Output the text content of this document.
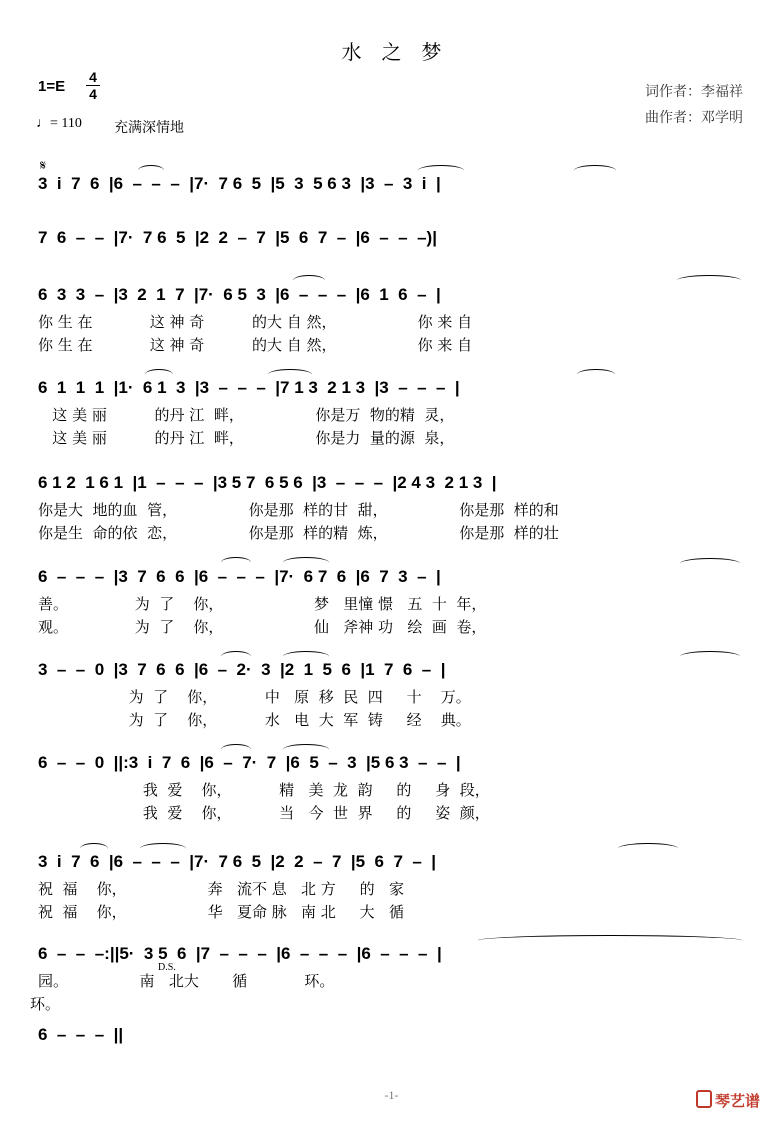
水　之　梦
1=E
4
4
♩= 110 充满深情地
词作者：李福祥
曲作者：邓学明
𝄋
3  i  7  6  |6  –  –  –  |7·  7 6  5  |5  3  5 6 3  |3  –  3  i  |
7  6  –  –  |7·  7 6  5  |2  2  –  7  |5  6  7  –  |6  –  –  –)|
6  3  3  –  |3  2  1  7  |7·  6 5  3  |6  –  –  –  |6  1  6  –  |
你 生 在            这 神 奇          的大 自 然，                 你 来 自
你 生 在            这 神 奇          的大 自 然，                 你 来 自
6  1  1  1  |1·  6 1  3  |3  –  –  –  |7 1 3  2 1 3  |3  –  –  –  |
这 美 丽          的丹 江  畔，               你是万  物的精  灵，
这 美 丽          的丹 江  畔，               你是力  量的源  泉，
6 1 2  1 6 1  |1  –  –  –  |3 5 7  6 5 6  |3  –  –  –  |2 4 3  2 1 3  |
你是大  地的血  管，               你是那  样的甘  甜，               你是那  样的和
你是生  命的依  恋，               你是那  样的精  炼，               你是那  样的壮
6  –  –  –  |3  7  6  6  |6  –  –  –  |7·  6 7  6  |6  7  3  –  |
善。              为  了    你，                   梦   里憧 憬   五  十  年，
观。              为  了    你，                   仙   斧神 功   绘  画  卷，
3  –  –  0  |3  7  6  6  |6  –  2·  3  |2  1  5  6  |1  7  6  –  |
为  了    你，          中   原  移  民  四     十    万。
为  了    你，          水   电  大  军  铸     经    典。
6  –  –  0  ||:3  i  7  6  |6  –  7·  7  |6  5  –  3  |5 6 3  –  –  |
我  爱    你，          精   美  龙  韵     的     身  段，
我  爱    你，          当   今  世  界     的     姿  颜，
3  i  7  6  |6  –  –  –  |7·  7 6  5  |2  2  –  7  |5  6  7  –  |
祝  福    你，                 奔   流不 息   北 方     的   家
祝  福    你，                 华   夏命 脉   南 北     大   循
6  –  –  –:||5·  3 5  6  |7  –  –  –  |6  –  –  –  |6  –  –  –  |
园。               南   北大       循            环。
环。
D.S.
6  –  –  –  ||
-1-	琴艺谱
